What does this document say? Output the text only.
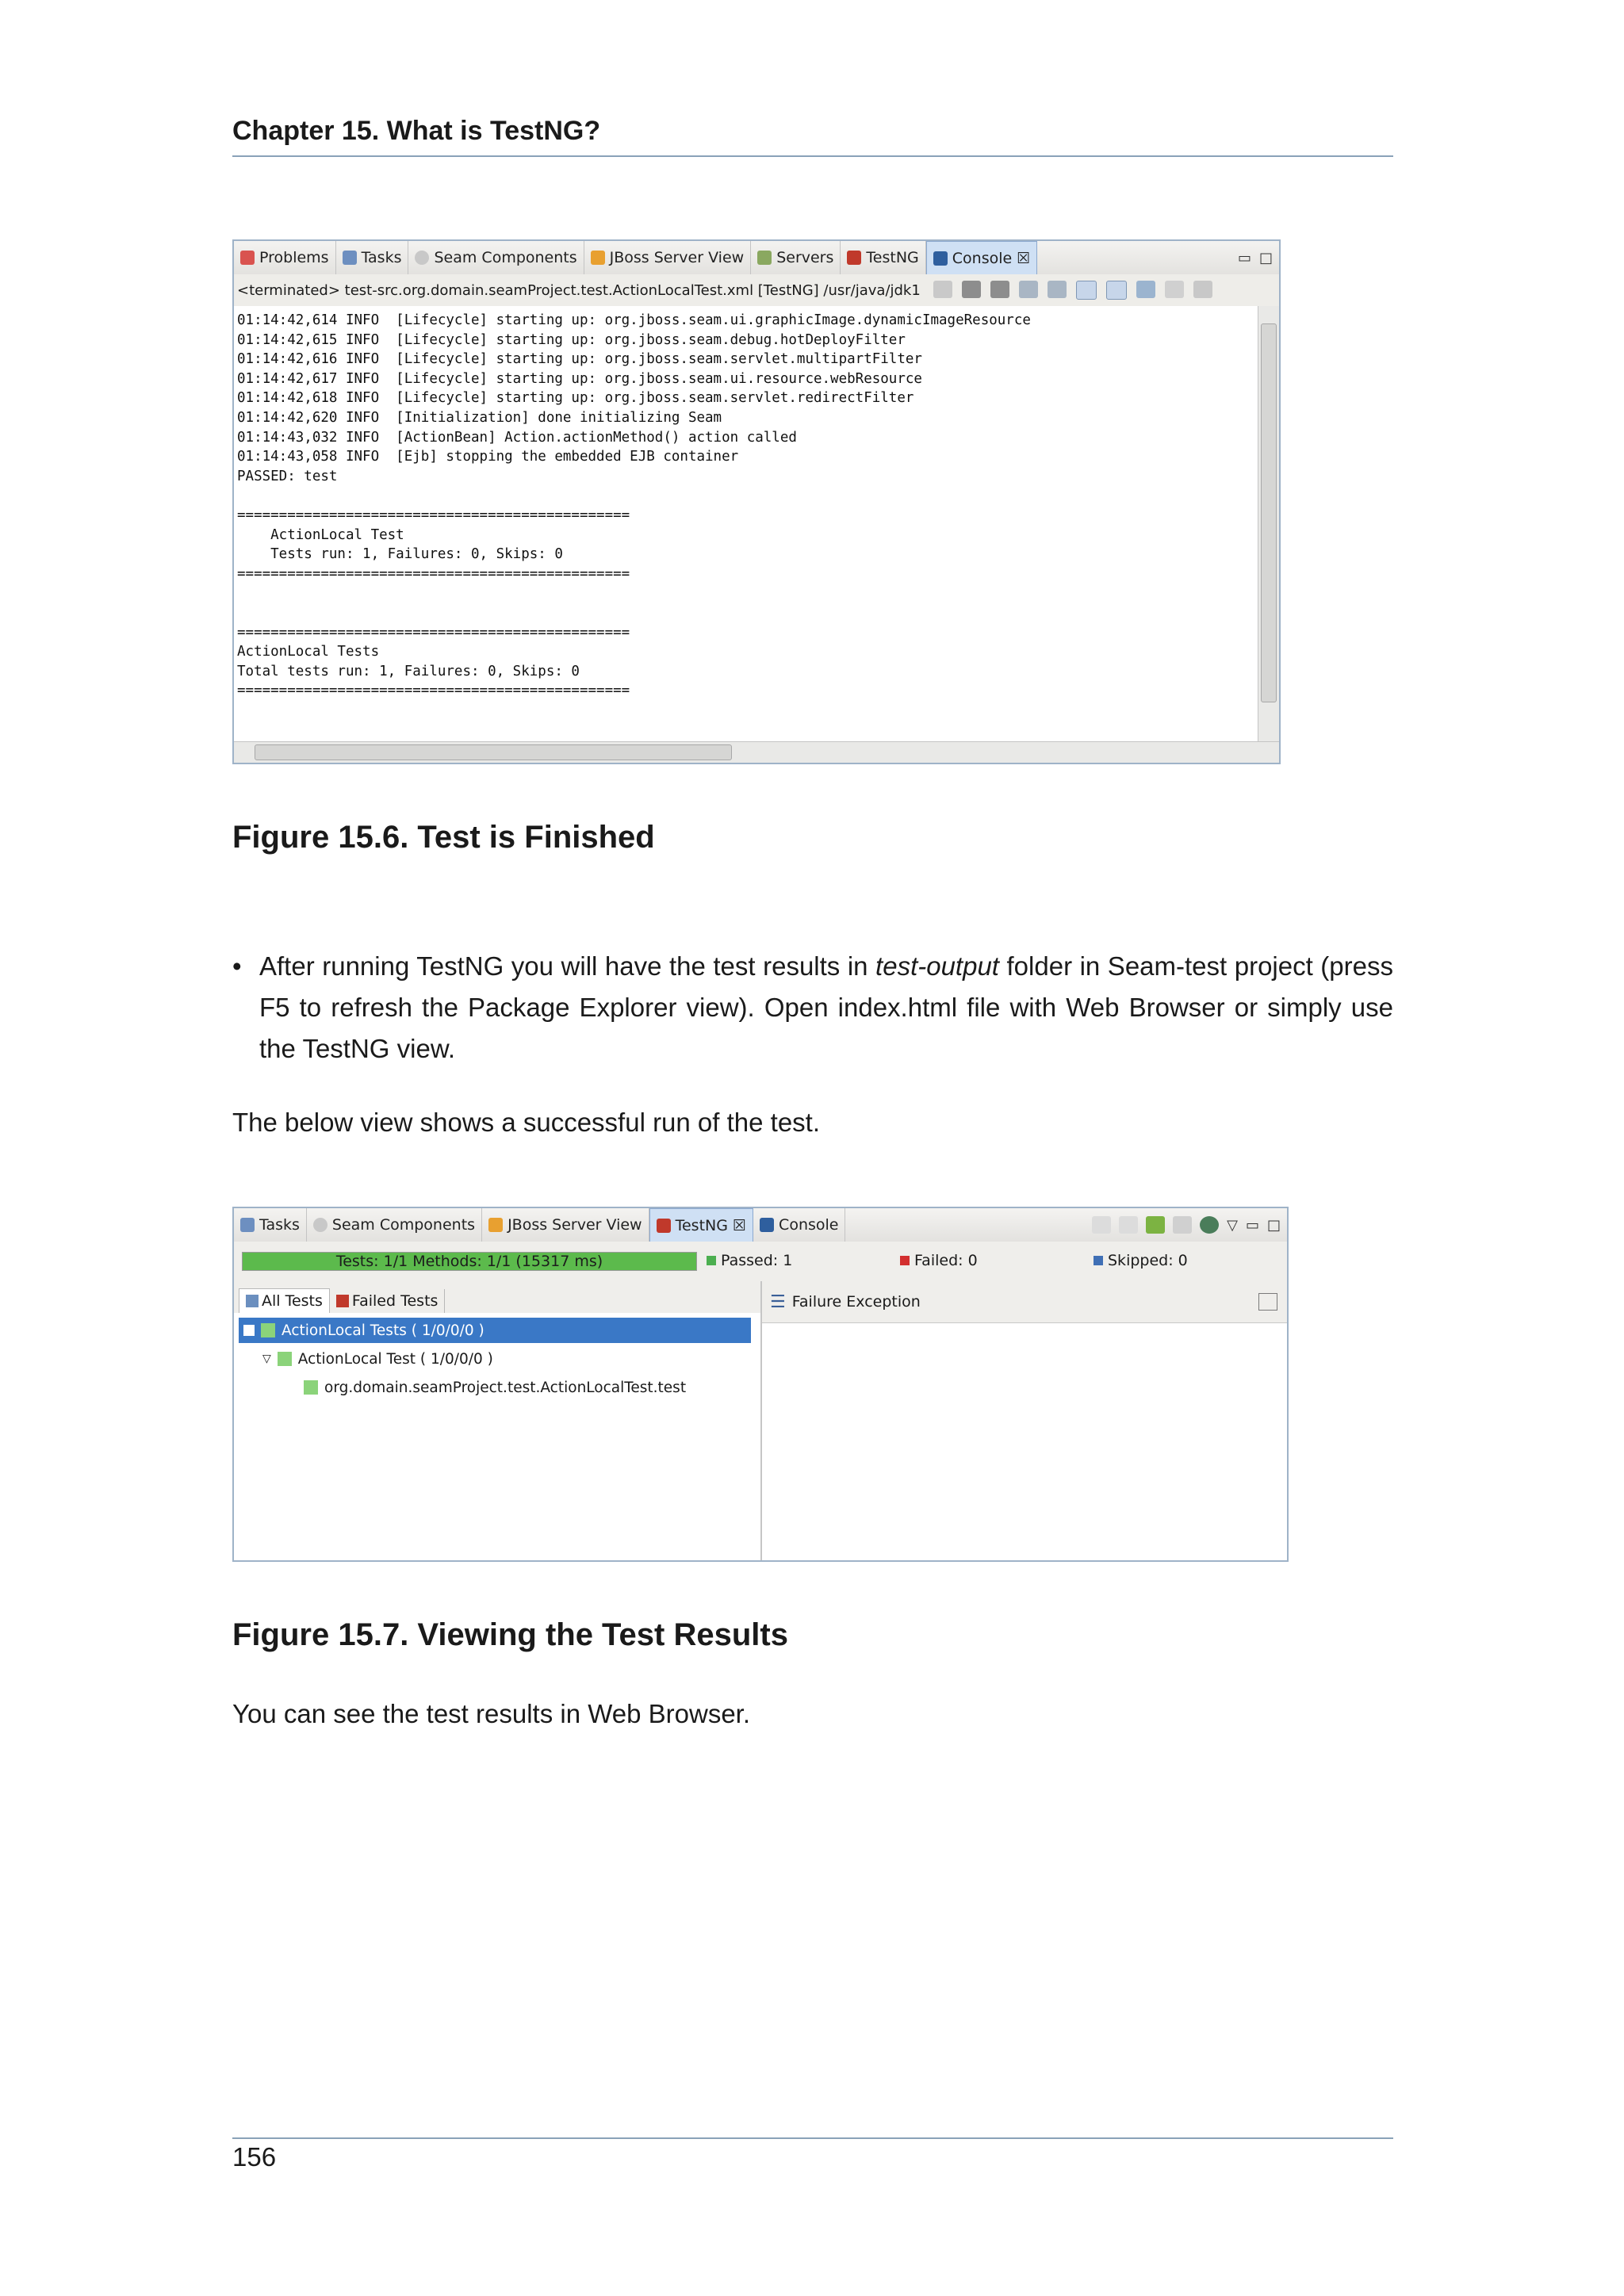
Chapter 15. What is TestNG?
Problems Tasks Seam Components JBoss Server View Servers TestNG Console ☒	▭ □
<terminated> test-src.org.domain.seamProject.test.ActionLocalTest.xml [TestNG] /usr/java/jdk1
01:14:42,614 INFO  [Lifecycle] starting up: org.jboss.seam.ui.graphicImage.dynamicImageResource
01:14:42,615 INFO  [Lifecycle] starting up: org.jboss.seam.debug.hotDeployFilter
01:14:42,616 INFO  [Lifecycle] starting up: org.jboss.seam.servlet.multipartFilter
01:14:42,617 INFO  [Lifecycle] starting up: org.jboss.seam.ui.resource.webResource
01:14:42,618 INFO  [Lifecycle] starting up: org.jboss.seam.servlet.redirectFilter
01:14:42,620 INFO  [Initialization] done initializing Seam
01:14:43,032 INFO  [ActionBean] Action.actionMethod() action called
01:14:43,058 INFO  [Ejb] stopping the embedded EJB container
PASSED: test

===============================================
ActionLocal Test
Tests run: 1, Failures: 0, Skips: 0
===============================================

===============================================
ActionLocal Tests
Total tests run: 1, Failures: 0, Skips: 0
===============================================
Figure 15.6. Test is Finished
• After running TestNG you will have the test results in test-output folder in Seam-test project (press F5 to refresh the Package Explorer view). Open index.html file with Web Browser or simply use the TestNG view.
The below view shows a successful run of the test.
Tasks Seam Components JBoss Server View TestNG ☒ Console	▽ ▭ □
Tests: 1/1 Methods: 1/1 (15317 ms)	Passed: 1	Failed: 0	Skipped: 0
All Tests Failed Tests
ActionLocal Tests ( 1/0/0/0 )
▽ ActionLocal Test ( 1/0/0/0 )
org.domain.seamProject.test.ActionLocalTest.test
☰ Failure Exception
Figure 15.7. Viewing the Test Results
You can see the test results in Web Browser.
156
